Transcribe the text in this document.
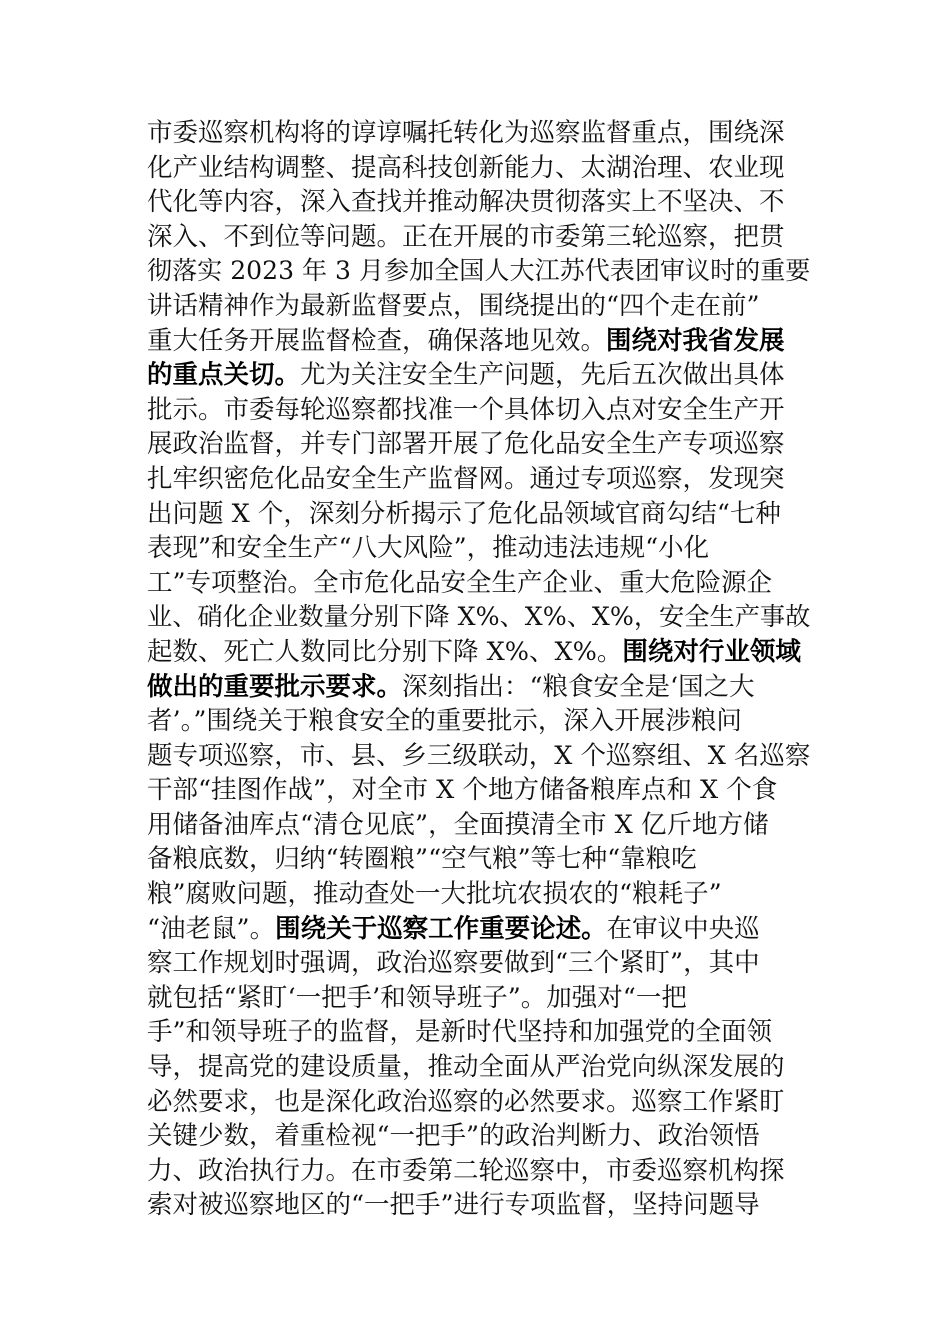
市委巡察机构将的谆谆嘱托转化为巡察监督重点，围绕深
化产业结构调整、提高科技创新能力、太湖治理、农业现
代化等内容，深入查找并推动解决贯彻落实上不坚决、不
深入、不到位等问题。正在开展的市委第三轮巡察，把贯
彻落实 2023 年 3 月参加全国人大江苏代表团审议时的重要
讲话精神作为最新监督要点，围绕提出的“四个走在前”
重大任务开展监督检查，确保落地见效。围绕对我省发展
的重点关切。尤为关注安全生产问题，先后五次做出具体
批示。市委每轮巡察都找准一个具体切入点对安全生产开
展政治监督，并专门部署开展了危化品安全生产专项巡察
扎牢织密危化品安全生产监督网。通过专项巡察，发现突
出问题 X 个，深刻分析揭示了危化品领域官商勾结“七种
表现”和安全生产“八大风险”，推动违法违规“小化
工”专项整治。全市危化品安全生产企业、重大危险源企
业、硝化企业数量分别下降 X%、X%、X%，安全生产事故
起数、死亡人数同比分别下降 X%、X%。围绕对行业领域
做出的重要批示要求。深刻指出：“粮食安全是‘国之大
者’。”围绕关于粮食安全的重要批示，深入开展涉粮问
题专项巡察，市、县、乡三级联动，X 个巡察组、X 名巡察
干部“挂图作战”，对全市 X 个地方储备粮库点和 X 个食
用储备油库点“清仓见底”，全面摸清全市 X 亿斤地方储
备粮底数，归纳“转圈粮”“空气粮”等七种“靠粮吃
粮”腐败问题，推动查处一大批坑农损农的“粮耗子”
“油老鼠”。围绕关于巡察工作重要论述。在审议中央巡
察工作规划时强调，政治巡察要做到“三个紧盯”，其中
就包括“紧盯‘一把手’和领导班子”。加强对“一把
手”和领导班子的监督，是新时代坚持和加强党的全面领
导，提高党的建设质量，推动全面从严治党向纵深发展的
必然要求，也是深化政治巡察的必然要求。巡察工作紧盯
关键少数，着重检视“一把手”的政治判断力、政治领悟
力、政治执行力。在市委第二轮巡察中，市委巡察机构探
索对被巡察地区的“一把手”进行专项监督，坚持问题导
